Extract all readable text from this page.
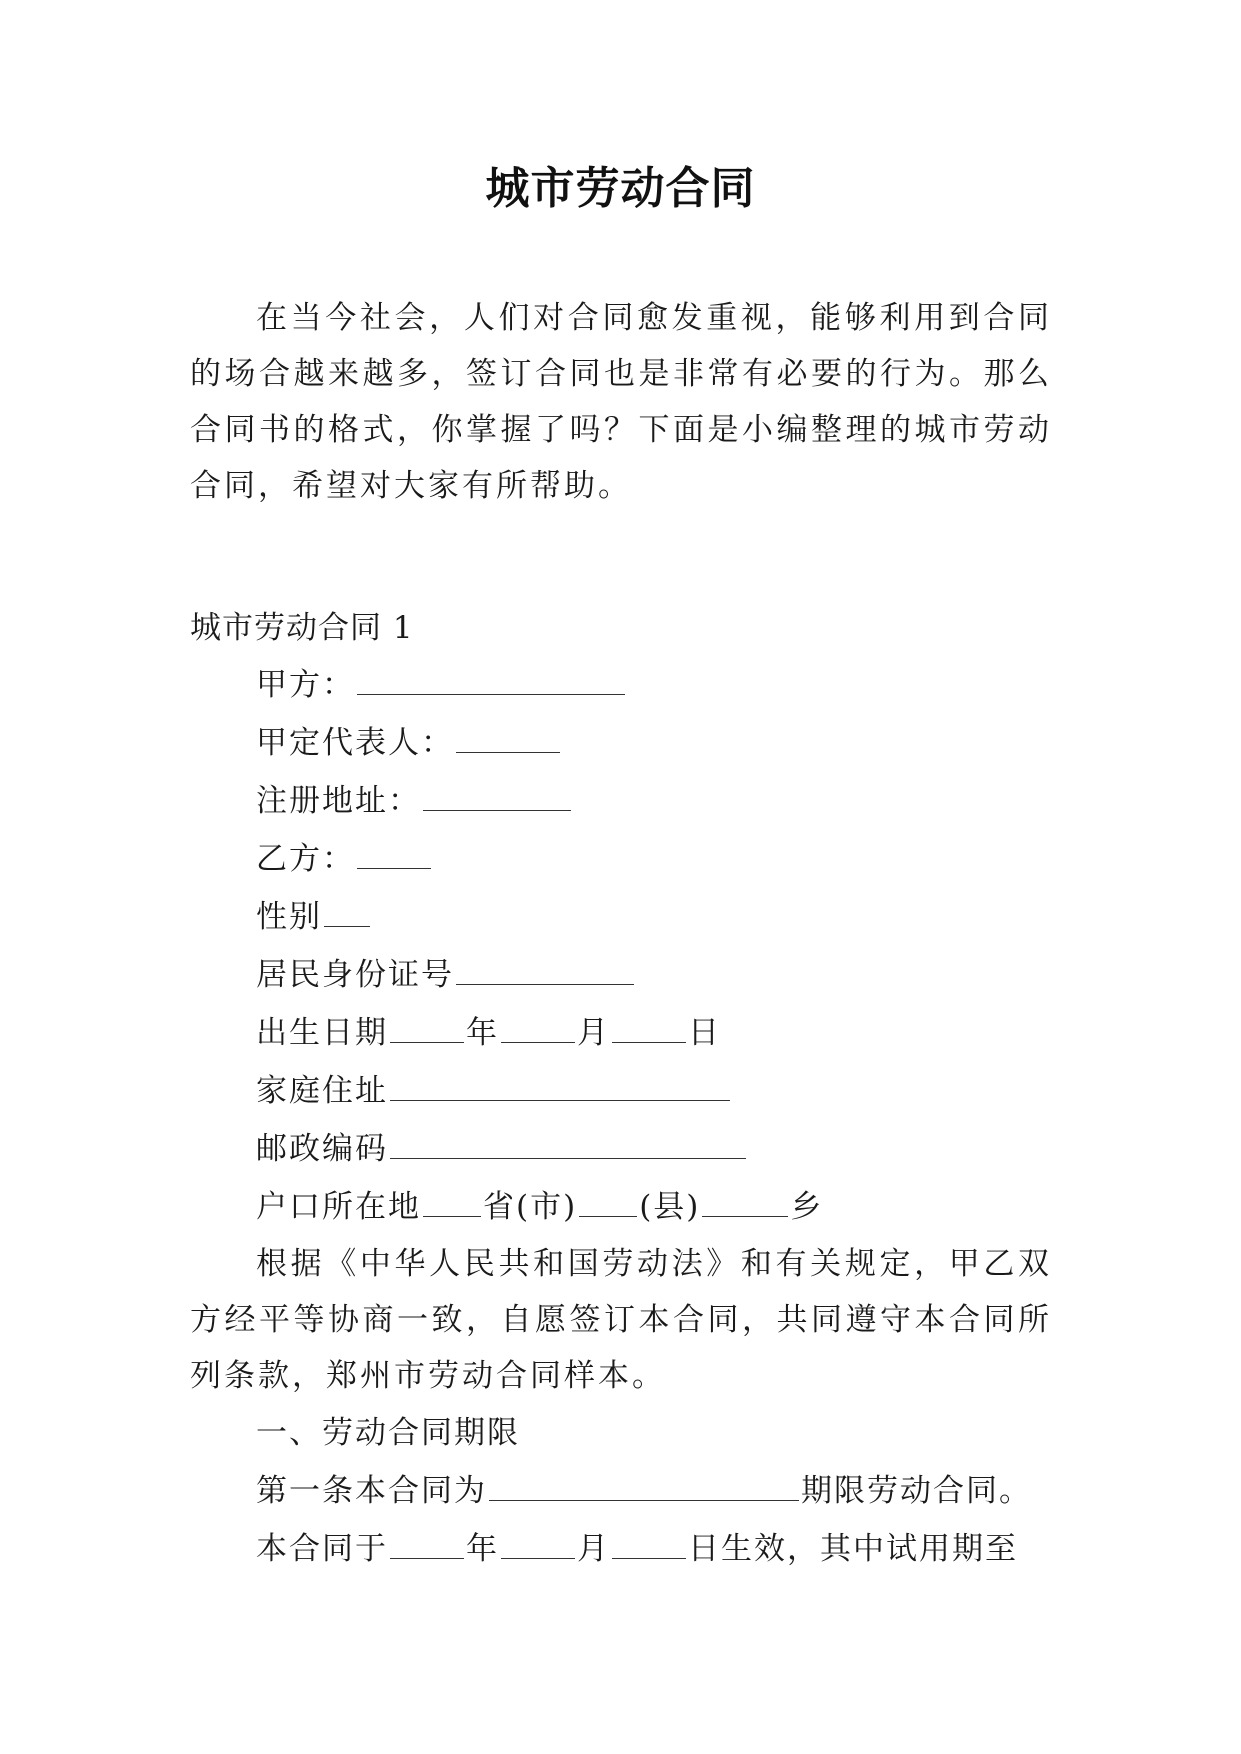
城市劳动合同

在当今社会，人们对合同愈发重视，能够利用到合同的场合越来越多，签订合同也是非常有必要的行为。那么合同书的格式，你掌握了吗？下面是小编整理的城市劳动合同，希望对大家有所帮助。

城市劳动合同 1

甲方：

甲定代表人：

注册地址：

乙方：

性别

居民身份证号

出生日期	年	月	日

家庭住址

邮政编码

户口所在地 省(市) (县)	乡

根据《中华人民共和国劳动法》和有关规定，甲乙双方经平等协商一致，自愿签订本合同，共同遵守本合同所列条款，郑州市劳动合同样本。

一、劳动合同期限

第一条本合同为	期限劳动合同。

本合同于	年	月	日生效，其中试用期至
